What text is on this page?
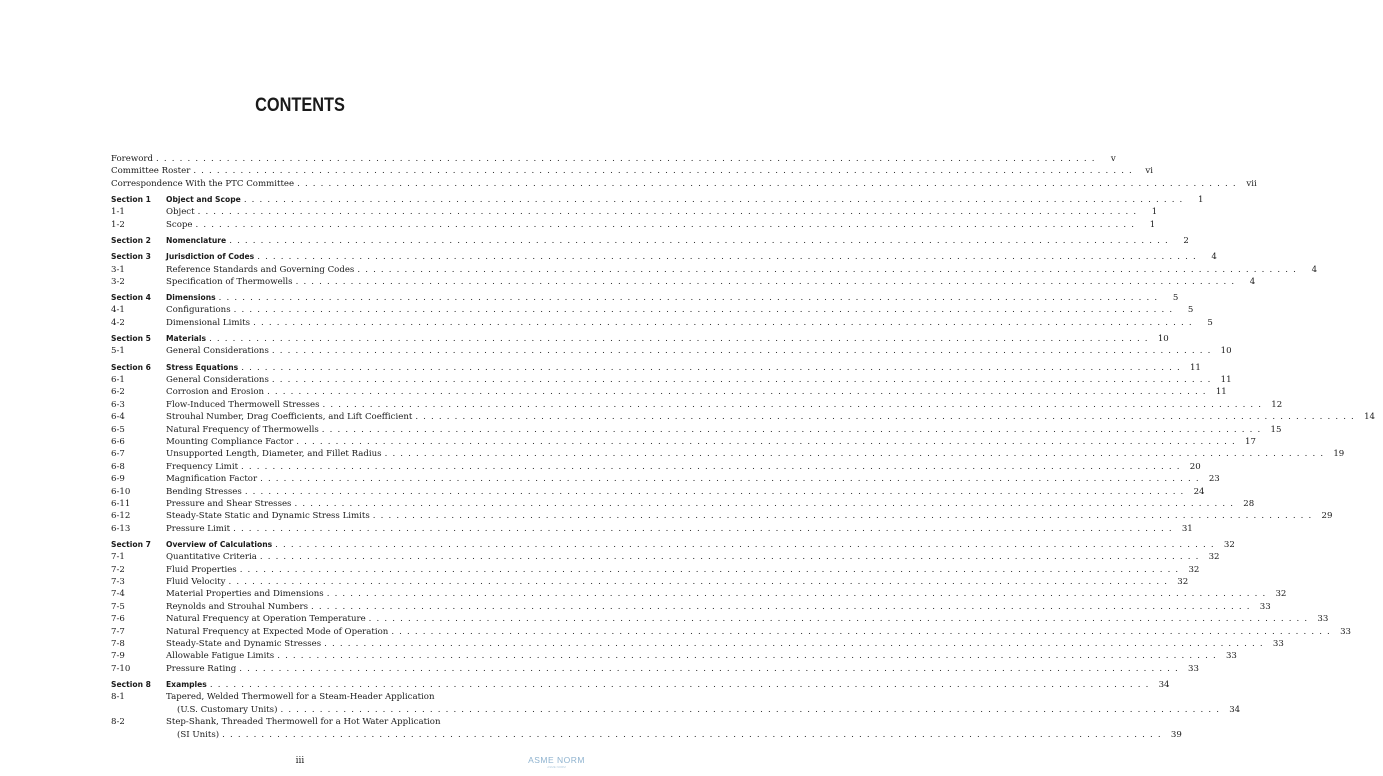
CONTENTS
Foreword . . . . . . . . . . . . . . . . . . . . . . . . . . . . . . . . . . . . . . . . . . . . . . . . . . . . . . . . . . . . . . . . . . . . . . . . . . . . . . . . . . . . . . . . . . . . . . . . . . . . . . . . . . . . . . . . . . . . . . . .	v
Committee Roster . . . . . . . . . . . . . . . . . . . . . . . . . . . . . . . . . . . . . . . . . . . . . . . . . . . . . . . . . . . . . . . . . . . . . . . . . . . . . . . . . . . . . . . . . . . . . . . . . . . . . . . . . . . . . . . . . . . . . . . .	vi
Correspondence With the PTC Committee . . . . . . . . . . . . . . . . . . . . . . . . . . . . . . . . . . . . . . . . . . . . . . . . . . . . . . . . . . . . . . . . . . . . . . . . . . . . . . . . . . . . . . . . . . . . . . . . . . . . . . . . . . . . . . . . . . . . . . . .	vii
Section 1	Object and Scope . . . . . . . . . . . . . . . . . . . . . . . . . . . . . . . . . . . . . . . . . . . . . . . . . . . . . . . . . . . . . . . . . . . . . . . . . . . . . . . . . . . . . . . . . . . . . . . . . . . . . . . . . . . . . . . . . . . . . . . .	1
1-1	Object . . . . . . . . . . . . . . . . . . . . . . . . . . . . . . . . . . . . . . . . . . . . . . . . . . . . . . . . . . . . . . . . . . . . . . . . . . . . . . . . . . . . . . . . . . . . . . . . . . . . . . . . . . . . . . . . . . . . . . . .	1
1-2	Scope . . . . . . . . . . . . . . . . . . . . . . . . . . . . . . . . . . . . . . . . . . . . . . . . . . . . . . . . . . . . . . . . . . . . . . . . . . . . . . . . . . . . . . . . . . . . . . . . . . . . . . . . . . . . . . . . . . . . . . . .	1
Section 2	Nomenclature . . . . . . . . . . . . . . . . . . . . . . . . . . . . . . . . . . . . . . . . . . . . . . . . . . . . . . . . . . . . . . . . . . . . . . . . . . . . . . . . . . . . . . . . . . . . . . . . . . . . . . . . . . . . . . . . . . . . . . . .	2
Section 3	Jurisdiction of Codes . . . . . . . . . . . . . . . . . . . . . . . . . . . . . . . . . . . . . . . . . . . . . . . . . . . . . . . . . . . . . . . . . . . . . . . . . . . . . . . . . . . . . . . . . . . . . . . . . . . . . . . . . . . . . . . . . . . . . . . .	4
3-1	Reference Standards and Governing Codes . . . . . . . . . . . . . . . . . . . . . . . . . . . . . . . . . . . . . . . . . . . . . . . . . . . . . . . . . . . . . . . . . . . . . . . . . . . . . . . . . . . . . . . . . . . . . . . . . . . . . . . . . . . . . . . . . . . . . . . .	4
3-2	Specification of Thermowells . . . . . . . . . . . . . . . . . . . . . . . . . . . . . . . . . . . . . . . . . . . . . . . . . . . . . . . . . . . . . . . . . . . . . . . . . . . . . . . . . . . . . . . . . . . . . . . . . . . . . . . . . . . . . . . . . . . . . . . .	4
Section 4	Dimensions . . . . . . . . . . . . . . . . . . . . . . . . . . . . . . . . . . . . . . . . . . . . . . . . . . . . . . . . . . . . . . . . . . . . . . . . . . . . . . . . . . . . . . . . . . . . . . . . . . . . . . . . . . . . . . . . . . . . . . . .	5
4-1	Configurations . . . . . . . . . . . . . . . . . . . . . . . . . . . . . . . . . . . . . . . . . . . . . . . . . . . . . . . . . . . . . . . . . . . . . . . . . . . . . . . . . . . . . . . . . . . . . . . . . . . . . . . . . . . . . . . . . . . . . . . .	5
4-2	Dimensional Limits . . . . . . . . . . . . . . . . . . . . . . . . . . . . . . . . . . . . . . . . . . . . . . . . . . . . . . . . . . . . . . . . . . . . . . . . . . . . . . . . . . . . . . . . . . . . . . . . . . . . . . . . . . . . . . . . . . . . . . . .	5
Section 5	Materials . . . . . . . . . . . . . . . . . . . . . . . . . . . . . . . . . . . . . . . . . . . . . . . . . . . . . . . . . . . . . . . . . . . . . . . . . . . . . . . . . . . . . . . . . . . . . . . . . . . . . . . . . . . . . . . . . . . . . . . .	10
5-1	General Considerations . . . . . . . . . . . . . . . . . . . . . . . . . . . . . . . . . . . . . . . . . . . . . . . . . . . . . . . . . . . . . . . . . . . . . . . . . . . . . . . . . . . . . . . . . . . . . . . . . . . . . . . . . . . . . . . . . . . . . . . .	10
Section 6	Stress Equations . . . . . . . . . . . . . . . . . . . . . . . . . . . . . . . . . . . . . . . . . . . . . . . . . . . . . . . . . . . . . . . . . . . . . . . . . . . . . . . . . . . . . . . . . . . . . . . . . . . . . . . . . . . . . . . . . . . . . . . .	11
6-1	General Considerations . . . . . . . . . . . . . . . . . . . . . . . . . . . . . . . . . . . . . . . . . . . . . . . . . . . . . . . . . . . . . . . . . . . . . . . . . . . . . . . . . . . . . . . . . . . . . . . . . . . . . . . . . . . . . . . . . . . . . . . .	11
6-2	Corrosion and Erosion . . . . . . . . . . . . . . . . . . . . . . . . . . . . . . . . . . . . . . . . . . . . . . . . . . . . . . . . . . . . . . . . . . . . . . . . . . . . . . . . . . . . . . . . . . . . . . . . . . . . . . . . . . . . . . . . . . . . . . . .	11
6-3	Flow-Induced Thermowell Stresses . . . . . . . . . . . . . . . . . . . . . . . . . . . . . . . . . . . . . . . . . . . . . . . . . . . . . . . . . . . . . . . . . . . . . . . . . . . . . . . . . . . . . . . . . . . . . . . . . . . . . . . . . . . . . . . . . . . . . . . .	12
6-4	Strouhal Number, Drag Coefficients, and Lift Coefficient . . . . . . . . . . . . . . . . . . . . . . . . . . . . . . . . . . . . . . . . . . . . . . . . . . . . . . . . . . . . . . . . . . . . . . . . . . . . . . . . . . . . . . . . . . . . . . . . . . . . . . . . . . . . . . . . . . . . . . . .	14
6-5	Natural Frequency of Thermowells . . . . . . . . . . . . . . . . . . . . . . . . . . . . . . . . . . . . . . . . . . . . . . . . . . . . . . . . . . . . . . . . . . . . . . . . . . . . . . . . . . . . . . . . . . . . . . . . . . . . . . . . . . . . . . . . . . . . . . . .	15
6-6	Mounting Compliance Factor . . . . . . . . . . . . . . . . . . . . . . . . . . . . . . . . . . . . . . . . . . . . . . . . . . . . . . . . . . . . . . . . . . . . . . . . . . . . . . . . . . . . . . . . . . . . . . . . . . . . . . . . . . . . . . . . . . . . . . . .	17
6-7	Unsupported Length, Diameter, and Fillet Radius . . . . . . . . . . . . . . . . . . . . . . . . . . . . . . . . . . . . . . . . . . . . . . . . . . . . . . . . . . . . . . . . . . . . . . . . . . . . . . . . . . . . . . . . . . . . . . . . . . . . . . . . . . . . . . . . . . . . . . . .	19
6-8	Frequency Limit . . . . . . . . . . . . . . . . . . . . . . . . . . . . . . . . . . . . . . . . . . . . . . . . . . . . . . . . . . . . . . . . . . . . . . . . . . . . . . . . . . . . . . . . . . . . . . . . . . . . . . . . . . . . . . . . . . . . . . . .	20
6-9	Magnification Factor . . . . . . . . . . . . . . . . . . . . . . . . . . . . . . . . . . . . . . . . . . . . . . . . . . . . . . . . . . . . . . . . . . . . . . . . . . . . . . . . . . . . . . . . . . . . . . . . . . . . . . . . . . . . . . . . . . . . . . . .	23
6-10	Bending Stresses . . . . . . . . . . . . . . . . . . . . . . . . . . . . . . . . . . . . . . . . . . . . . . . . . . . . . . . . . . . . . . . . . . . . . . . . . . . . . . . . . . . . . . . . . . . . . . . . . . . . . . . . . . . . . . . . . . . . . . . .	24
6-11	Pressure and Shear Stresses . . . . . . . . . . . . . . . . . . . . . . . . . . . . . . . . . . . . . . . . . . . . . . . . . . . . . . . . . . . . . . . . . . . . . . . . . . . . . . . . . . . . . . . . . . . . . . . . . . . . . . . . . . . . . . . . . . . . . . . .	28
6-12	Steady-State Static and Dynamic Stress Limits . . . . . . . . . . . . . . . . . . . . . . . . . . . . . . . . . . . . . . . . . . . . . . . . . . . . . . . . . . . . . . . . . . . . . . . . . . . . . . . . . . . . . . . . . . . . . . . . . . . . . . . . . . . . . . . . . . . . . . . .	29
6-13	Pressure Limit . . . . . . . . . . . . . . . . . . . . . . . . . . . . . . . . . . . . . . . . . . . . . . . . . . . . . . . . . . . . . . . . . . . . . . . . . . . . . . . . . . . . . . . . . . . . . . . . . . . . . . . . . . . . . . . . . . . . . . . .	31
Section 7	Overview of Calculations . . . . . . . . . . . . . . . . . . . . . . . . . . . . . . . . . . . . . . . . . . . . . . . . . . . . . . . . . . . . . . . . . . . . . . . . . . . . . . . . . . . . . . . . . . . . . . . . . . . . . . . . . . . . . . . . . . . . . . . .	32
7-1	Quantitative Criteria . . . . . . . . . . . . . . . . . . . . . . . . . . . . . . . . . . . . . . . . . . . . . . . . . . . . . . . . . . . . . . . . . . . . . . . . . . . . . . . . . . . . . . . . . . . . . . . . . . . . . . . . . . . . . . . . . . . . . . . .	32
7-2	Fluid Properties . . . . . . . . . . . . . . . . . . . . . . . . . . . . . . . . . . . . . . . . . . . . . . . . . . . . . . . . . . . . . . . . . . . . . . . . . . . . . . . . . . . . . . . . . . . . . . . . . . . . . . . . . . . . . . . . . . . . . . . .	32
7-3	Fluid Velocity . . . . . . . . . . . . . . . . . . . . . . . . . . . . . . . . . . . . . . . . . . . . . . . . . . . . . . . . . . . . . . . . . . . . . . . . . . . . . . . . . . . . . . . . . . . . . . . . . . . . . . . . . . . . . . . . . . . . . . . .	32
7-4	Material Properties and Dimensions . . . . . . . . . . . . . . . . . . . . . . . . . . . . . . . . . . . . . . . . . . . . . . . . . . . . . . . . . . . . . . . . . . . . . . . . . . . . . . . . . . . . . . . . . . . . . . . . . . . . . . . . . . . . . . . . . . . . . . . .	32
7-5	Reynolds and Strouhal Numbers . . . . . . . . . . . . . . . . . . . . . . . . . . . . . . . . . . . . . . . . . . . . . . . . . . . . . . . . . . . . . . . . . . . . . . . . . . . . . . . . . . . . . . . . . . . . . . . . . . . . . . . . . . . . . . . . . . . . . . . .	33
7-6	Natural Frequency at Operation Temperature . . . . . . . . . . . . . . . . . . . . . . . . . . . . . . . . . . . . . . . . . . . . . . . . . . . . . . . . . . . . . . . . . . . . . . . . . . . . . . . . . . . . . . . . . . . . . . . . . . . . . . . . . . . . . . . . . . . . . . . .	33
7-7	Natural Frequency at Expected Mode of Operation . . . . . . . . . . . . . . . . . . . . . . . . . . . . . . . . . . . . . . . . . . . . . . . . . . . . . . . . . . . . . . . . . . . . . . . . . . . . . . . . . . . . . . . . . . . . . . . . . . . . . . . . . . . . . . . . . . . . . . . .	33
7-8	Steady-State and Dynamic Stresses . . . . . . . . . . . . . . . . . . . . . . . . . . . . . . . . . . . . . . . . . . . . . . . . . . . . . . . . . . . . . . . . . . . . . . . . . . . . . . . . . . . . . . . . . . . . . . . . . . . . . . . . . . . . . . . . . . . . . . . .	33
7-9	Allowable Fatigue Limits . . . . . . . . . . . . . . . . . . . . . . . . . . . . . . . . . . . . . . . . . . . . . . . . . . . . . . . . . . . . . . . . . . . . . . . . . . . . . . . . . . . . . . . . . . . . . . . . . . . . . . . . . . . . . . . . . . . . . . . .	33
7-10	Pressure Rating . . . . . . . . . . . . . . . . . . . . . . . . . . . . . . . . . . . . . . . . . . . . . . . . . . . . . . . . . . . . . . . . . . . . . . . . . . . . . . . . . . . . . . . . . . . . . . . . . . . . . . . . . . . . . . . . . . . . . . . .	33
Section 8	Examples . . . . . . . . . . . . . . . . . . . . . . . . . . . . . . . . . . . . . . . . . . . . . . . . . . . . . . . . . . . . . . . . . . . . . . . . . . . . . . . . . . . . . . . . . . . . . . . . . . . . . . . . . . . . . . . . . . . . . . . .	34
8-1	Tapered, Welded Thermowell for a Steam-Header Application
(U.S. Customary Units) . . . . . . . . . . . . . . . . . . . . . . . . . . . . . . . . . . . . . . . . . . . . . . . . . . . . . . . . . . . . . . . . . . . . . . . . . . . . . . . . . . . . . . . . . . . . . . . . . . . . . . . . . . . . . . . . . . . . . . . .	34
8-2	Step-Shank, Threaded Thermowell for a Hot Water Application
(SI Units) . . . . . . . . . . . . . . . . . . . . . . . . . . . . . . . . . . . . . . . . . . . . . . . . . . . . . . . . . . . . . . . . . . . . . . . . . . . . . . . . . . . . . . . . . . . . . . . . . . . . . . . . . . . . . . . . . . . . . . . .	39
iii	ASME NORM
ASME NORM
